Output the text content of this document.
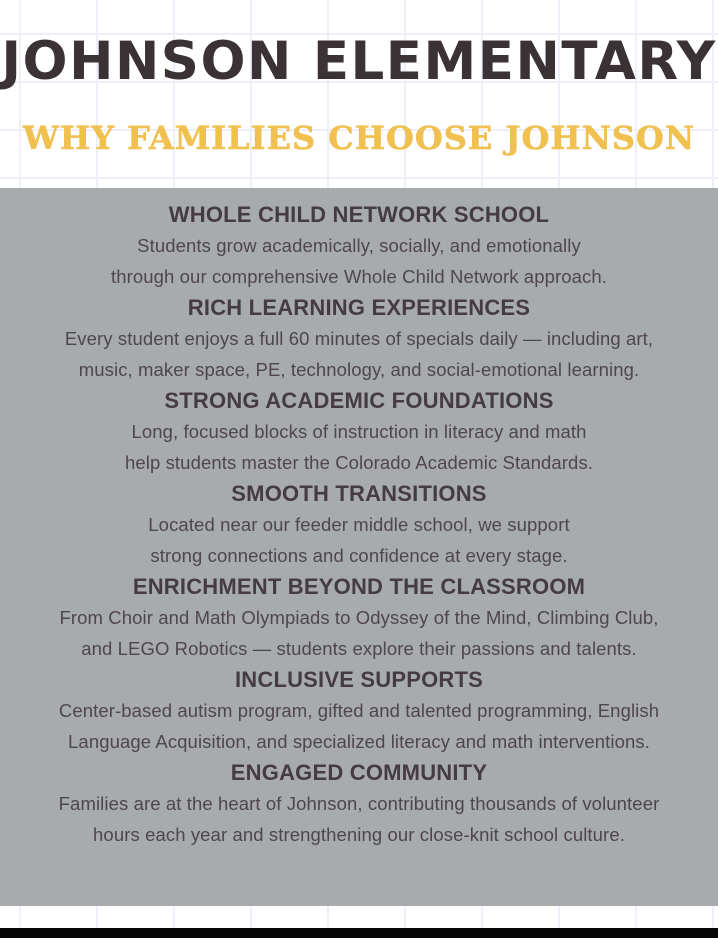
JOHNSON ELEMENTARY
WHY FAMILIES CHOOSE JOHNSON
WHOLE CHILD NETWORK SCHOOL
Students grow academically, socially, and emotionally through our comprehensive Whole Child Network approach.
RICH LEARNING EXPERIENCES
Every student enjoys a full 60 minutes of specials daily — including art, music, maker space, PE, technology, and social-emotional learning.
STRONG ACADEMIC FOUNDATIONS
Long, focused blocks of instruction in literacy and math help students master the Colorado Academic Standards.
SMOOTH TRANSITIONS
Located near our feeder middle school, we support strong connections and confidence at every stage.
ENRICHMENT BEYOND THE CLASSROOM
From Choir and Math Olympiads to Odyssey of the Mind, Climbing Club, and LEGO Robotics — students explore their passions and talents.
INCLUSIVE SUPPORTS
Center-based autism program, gifted and talented programming, English Language Acquisition, and specialized literacy and math interventions.
ENGAGED COMMUNITY
Families are at the heart of Johnson, contributing thousands of volunteer hours each year and strengthening our close-knit school culture.
